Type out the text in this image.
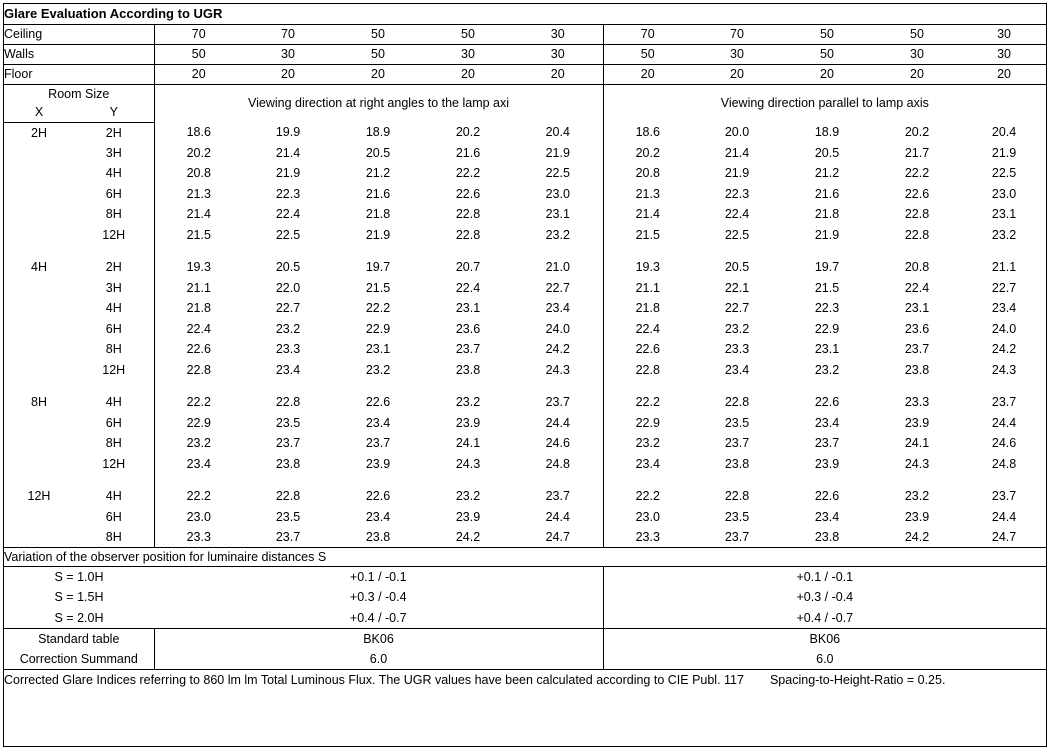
Glare Evaluation According to UGR											
Ceiling		70	70	50	50	30	70	70	50	50	30
Walls		50	30	50	30	30	50	30	50	30	30
Floor		20	20	20	20	20	20	20	20	20	20
Room Size		Viewing direction at right angles to the lamp axi					Viewing direction parallel to lamp axis				
X	Y										
2H	2H	18.6	19.9	18.9	20.2	20.4	18.6	20.0	18.9	20.2	20.4
	3H	20.2	21.4	20.5	21.6	21.9	20.2	21.4	20.5	21.7	21.9
	4H	20.8	21.9	21.2	22.2	22.5	20.8	21.9	21.2	22.2	22.5
	6H	21.3	22.3	21.6	22.6	23.0	21.3	22.3	21.6	22.6	23.0
	8H	21.4	22.4	21.8	22.8	23.1	21.4	22.4	21.8	22.8	23.1
	12H	21.5	22.5	21.9	22.8	23.2	21.5	22.5	21.9	22.8	23.2

4H	2H	19.3	20.5	19.7	20.7	21.0	19.3	20.5	19.7	20.8	21.1
	3H	21.1	22.0	21.5	22.4	22.7	21.1	22.1	21.5	22.4	22.7
	4H	21.8	22.7	22.2	23.1	23.4	21.8	22.7	22.3	23.1	23.4
	6H	22.4	23.2	22.9	23.6	24.0	22.4	23.2	22.9	23.6	24.0
	8H	22.6	23.3	23.1	23.7	24.2	22.6	23.3	23.1	23.7	24.2
	12H	22.8	23.4	23.2	23.8	24.3	22.8	23.4	23.2	23.8	24.3

8H	4H	22.2	22.8	22.6	23.2	23.7	22.2	22.8	22.6	23.3	23.7
	6H	22.9	23.5	23.4	23.9	24.4	22.9	23.5	23.4	23.9	24.4
	8H	23.2	23.7	23.7	24.1	24.6	23.2	23.7	23.7	24.1	24.6
	12H	23.4	23.8	23.9	24.3	24.8	23.4	23.8	23.9	24.3	24.8

12H	4H	22.2	22.8	22.6	23.2	23.7	22.2	22.8	22.6	23.2	23.7
	6H	23.0	23.5	23.4	23.9	24.4	23.0	23.5	23.4	23.9	24.4
	8H	23.3	23.7	23.8	24.2	24.7	23.3	23.7	23.8	24.2	24.7
Variation of the observer position for luminaire distances S											
S = 1.0H		+0.1 / -0.1					+0.1 / -0.1				
S = 1.5H		+0.3 / -0.4					+0.3 / -0.4				
S = 2.0H		+0.4 / -0.7					+0.4 / -0.7				
Standard table		BK06					BK06				
Correction Summand		6.0					6.0				
Corrected Glare Indices referring to 860 lm lm Total Luminous Flux. The UGR values have been calculated according to CIE Publ. 117 Spacing-to-Height-Ratio = 0.25.											
